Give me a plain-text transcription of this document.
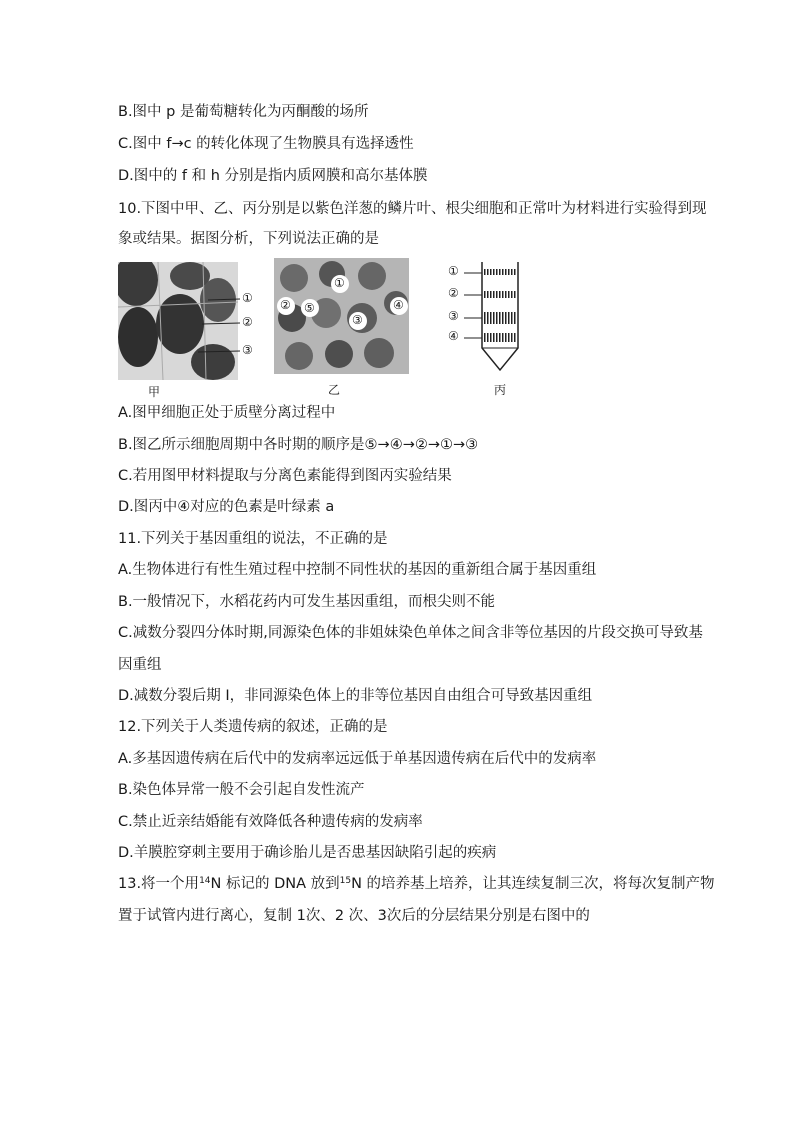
B.图中 p 是葡萄糖转化为丙酮酸的场所
C.图中 f→c 的转化体现了生物膜具有选择透性
D.图中的 f 和 h 分别是指内质网膜和高尔基体膜
10.下图中甲、乙、丙分别是以紫色洋葱的鳞片叶、根尖细胞和正常叶为材料进行实验得到现
象或结果。据图分析，下列说法正确的是
①
②
③
甲
①
④
② ⑤
③
乙
①
②
③
④
丙
A.图甲细胞正处于质壁分离过程中
B.图乙所示细胞周期中各时期的顺序是⑤→④→②→①→③
C.若用图甲材料提取与分离色素能得到图丙实验结果
D.图丙中④对应的色素是叶绿素 a
11.下列关于基因重组的说法，不正确的是
A.生物体进行有性生殖过程中控制不同性状的基因的重新组合属于基因重组
B.一般情况下，水稻花药内可发生基因重组，而根尖则不能
C.减数分裂四分体时期,同源染色体的非姐妹染色单体之间含非等位基因的片段交换可导致基
因重组
D.减数分裂后期 I，非同源染色体上的非等位基因自由组合可导致基因重组
12.下列关于人类遗传病的叙述，正确的是
A.多基因遗传病在后代中的发病率远远低于单基因遗传病在后代中的发病率
B.染色体异常一般不会引起自发性流产
C.禁止近亲结婚能有效降低各种遗传病的发病率
D.羊膜腔穿刺主要用于确诊胎儿是否患基因缺陷引起的疾病
13.将一个用$^{14}$N 标记的 DNA 放到$^{15}$N 的培养基上培养，让其连续复制三次，将每次复制产物
置于试管内进行离心，复制 1次、2 次、3次后的分层结果分别是右图中的
